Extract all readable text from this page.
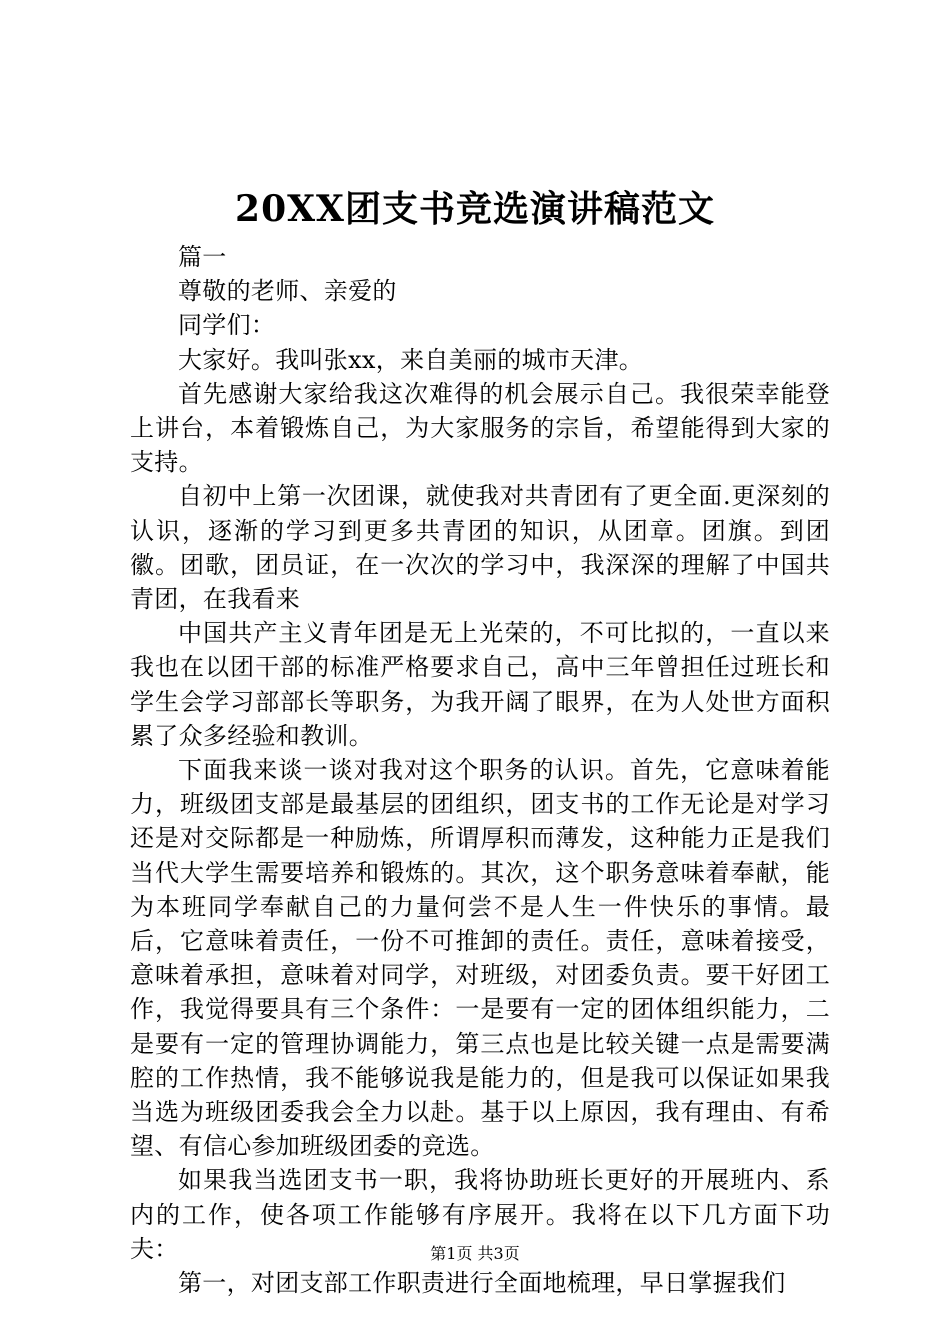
20XX团支书竞选演讲稿范文

篇一

尊敬的老师、亲爱的

同学们：

大家好。我叫张xx，来自美丽的城市天津。

首先感谢大家给我这次难得的机会展示自己。我很荣幸能登上讲台，本着锻炼自己，为大家服务的宗旨，希望能得到大家的支持。

自初中上第一次团课，就使我对共青团有了更全面.更深刻的认识，逐渐的学习到更多共青团的知识，从团章。团旗。到团徽。团歌，团员证，在一次次的学习中，我深深的理解了中国共青团，在我看来

中国共产主义青年团是无上光荣的，不可比拟的，一直以来我也在以团干部的标准严格要求自己，高中三年曾担任过班长和学生会学习部部长等职务，为我开阔了眼界，在为人处世方面积累了众多经验和教训。

下面我来谈一谈对我对这个职务的认识。首先，它意味着能力，班级团支部是最基层的团组织，团支书的工作无论是对学习还是对交际都是一种励炼，所谓厚积而薄发，这种能力正是我们当代大学生需要培养和锻炼的。其次，这个职务意味着奉献，能为本班同学奉献自己的力量何尝不是人生一件快乐的事情。最后，它意味着责任，一份不可推卸的责任。责任，意味着接受，意味着承担，意味着对同学，对班级，对团委负责。要干好团工作，我觉得要具有三个条件：一是要有一定的团体组织能力，二是要有一定的管理协调能力，第三点也是比较关键一点是需要满腔的工作热情，我不能够说我是能力的，但是我可以保证如果我当选为班级团委我会全力以赴。基于以上原因，我有理由、有希望、有信心参加班级团委的竞选。

如果我当选团支书一职，我将协助班长更好的开展班内、系内的工作，使各项工作能够有序展开。我将在以下几方面下功夫：

第一，对团支部工作职责进行全面地梳理，早日掌握我们

第1页 共3页
